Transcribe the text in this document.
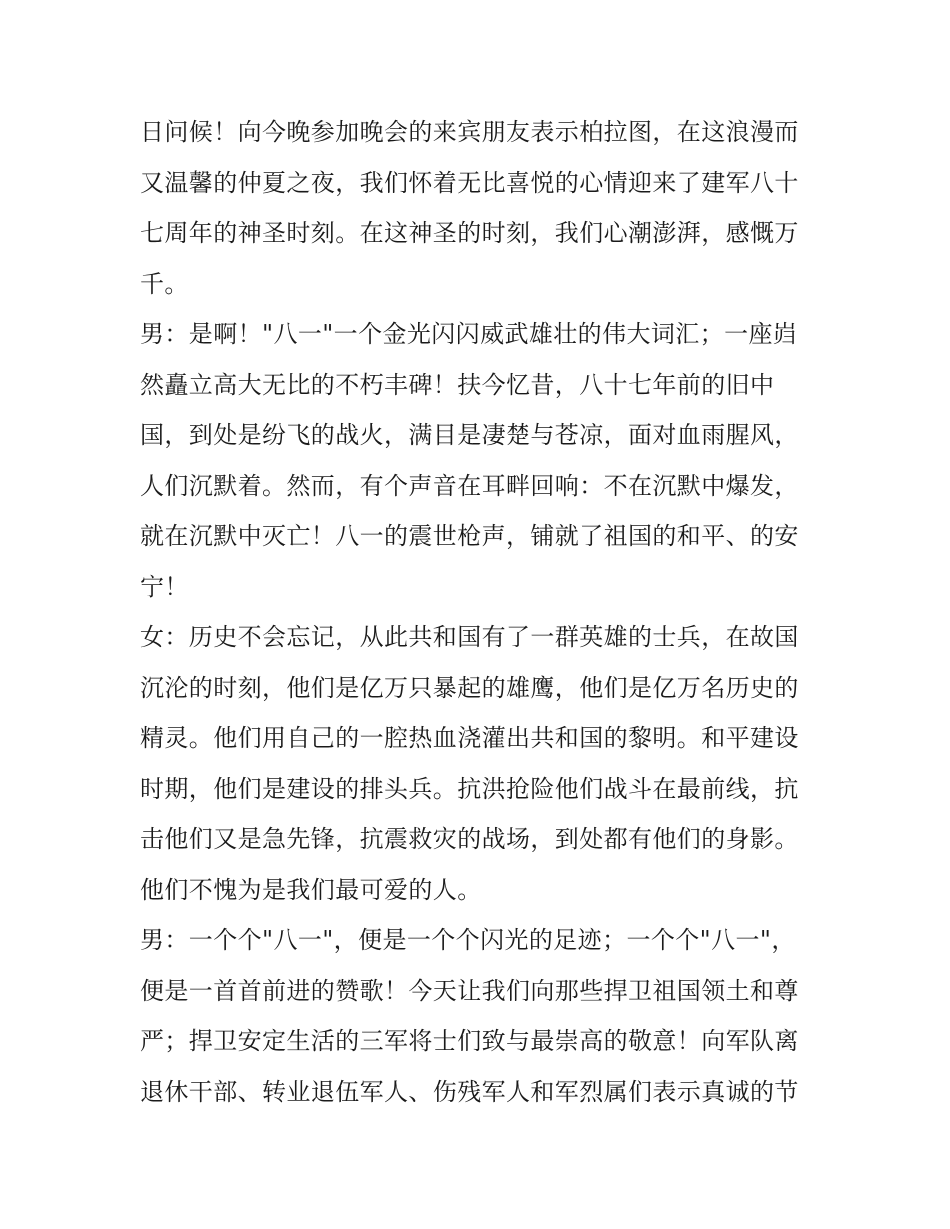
日问候！向今晚参加晚会的来宾朋友表示柏拉图，在这浪漫而
又温馨的仲夏之夜，我们怀着无比喜悦的心情迎来了建军八十
七周年的神圣时刻。在这神圣的时刻，我们心潮澎湃，感慨万
千。
男：是啊！"八一"一个金光闪闪威武雄壮的伟大词汇；一座岿
然矗立高大无比的不朽丰碑！扶今忆昔，八十七年前的旧中
国，到处是纷飞的战火，满目是凄楚与苍凉，面对血雨腥风，
人们沉默着。然而，有个声音在耳畔回响：不在沉默中爆发，
就在沉默中灭亡！八一的震世枪声，铺就了祖国的和平、的安
宁！
女：历史不会忘记，从此共和国有了一群英雄的士兵，在故国
沉沦的时刻，他们是亿万只暴起的雄鹰，他们是亿万名历史的
精灵。他们用自己的一腔热血浇灌出共和国的黎明。和平建设
时期，他们是建设的排头兵。抗洪抢险他们战斗在最前线，抗
击他们又是急先锋，抗震救灾的战场，到处都有他们的身影。
他们不愧为是我们最可爱的人。
男：一个个"八一"，便是一个个闪光的足迹；一个个"八一"，
便是一首首前进的赞歌！今天让我们向那些捍卫祖国领土和尊
严；捍卫安定生活的三军将士们致与最崇高的敬意！向军队离
退休干部、转业退伍军人、伤残军人和军烈属们表示真诚的节
